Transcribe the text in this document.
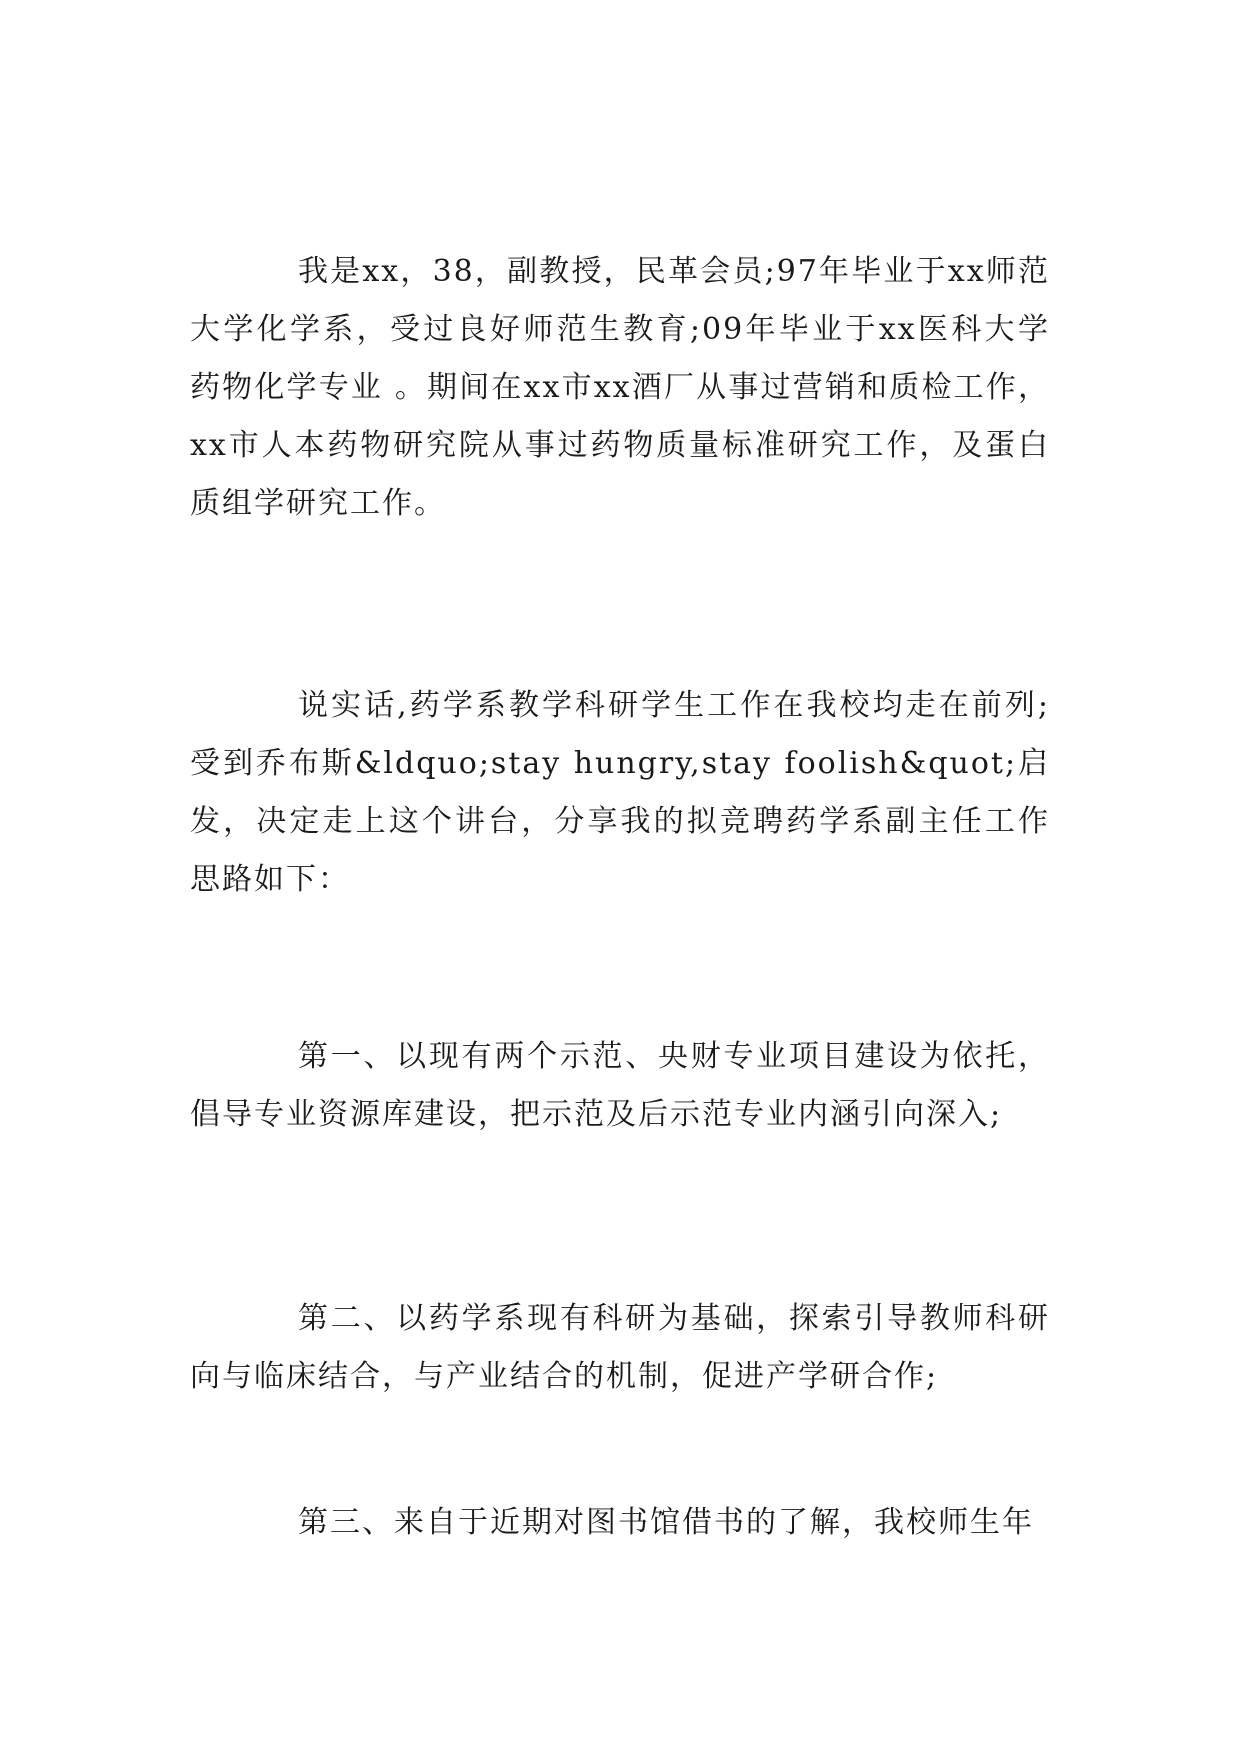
我是xx，38，副教授，民革会员;97年毕业于xx师范大学化学系，受过良好师范生教育;09年毕业于xx医科大学药物化学专业 。期间在xx市xx酒厂从事过营销和质检工作，xx市人本药物研究院从事过药物质量标准研究工作，及蛋白质组学研究工作。

说实话,药学系教学科研学生工作在我校均走在前列;受到乔布斯&ldquo;stay hungry,stay foolish&quot;启发，决定走上这个讲台，分享我的拟竞聘药学系副主任工作思路如下：

第一、以现有两个示范、央财专业项目建设为依托，倡导专业资源库建设，把示范及后示范专业内涵引向深入;

第二、以药学系现有科研为基础，探索引导教师科研向与临床结合，与产业结合的机制，促进产学研合作;

第三、来自于近期对图书馆借书的了解，我校师生年
